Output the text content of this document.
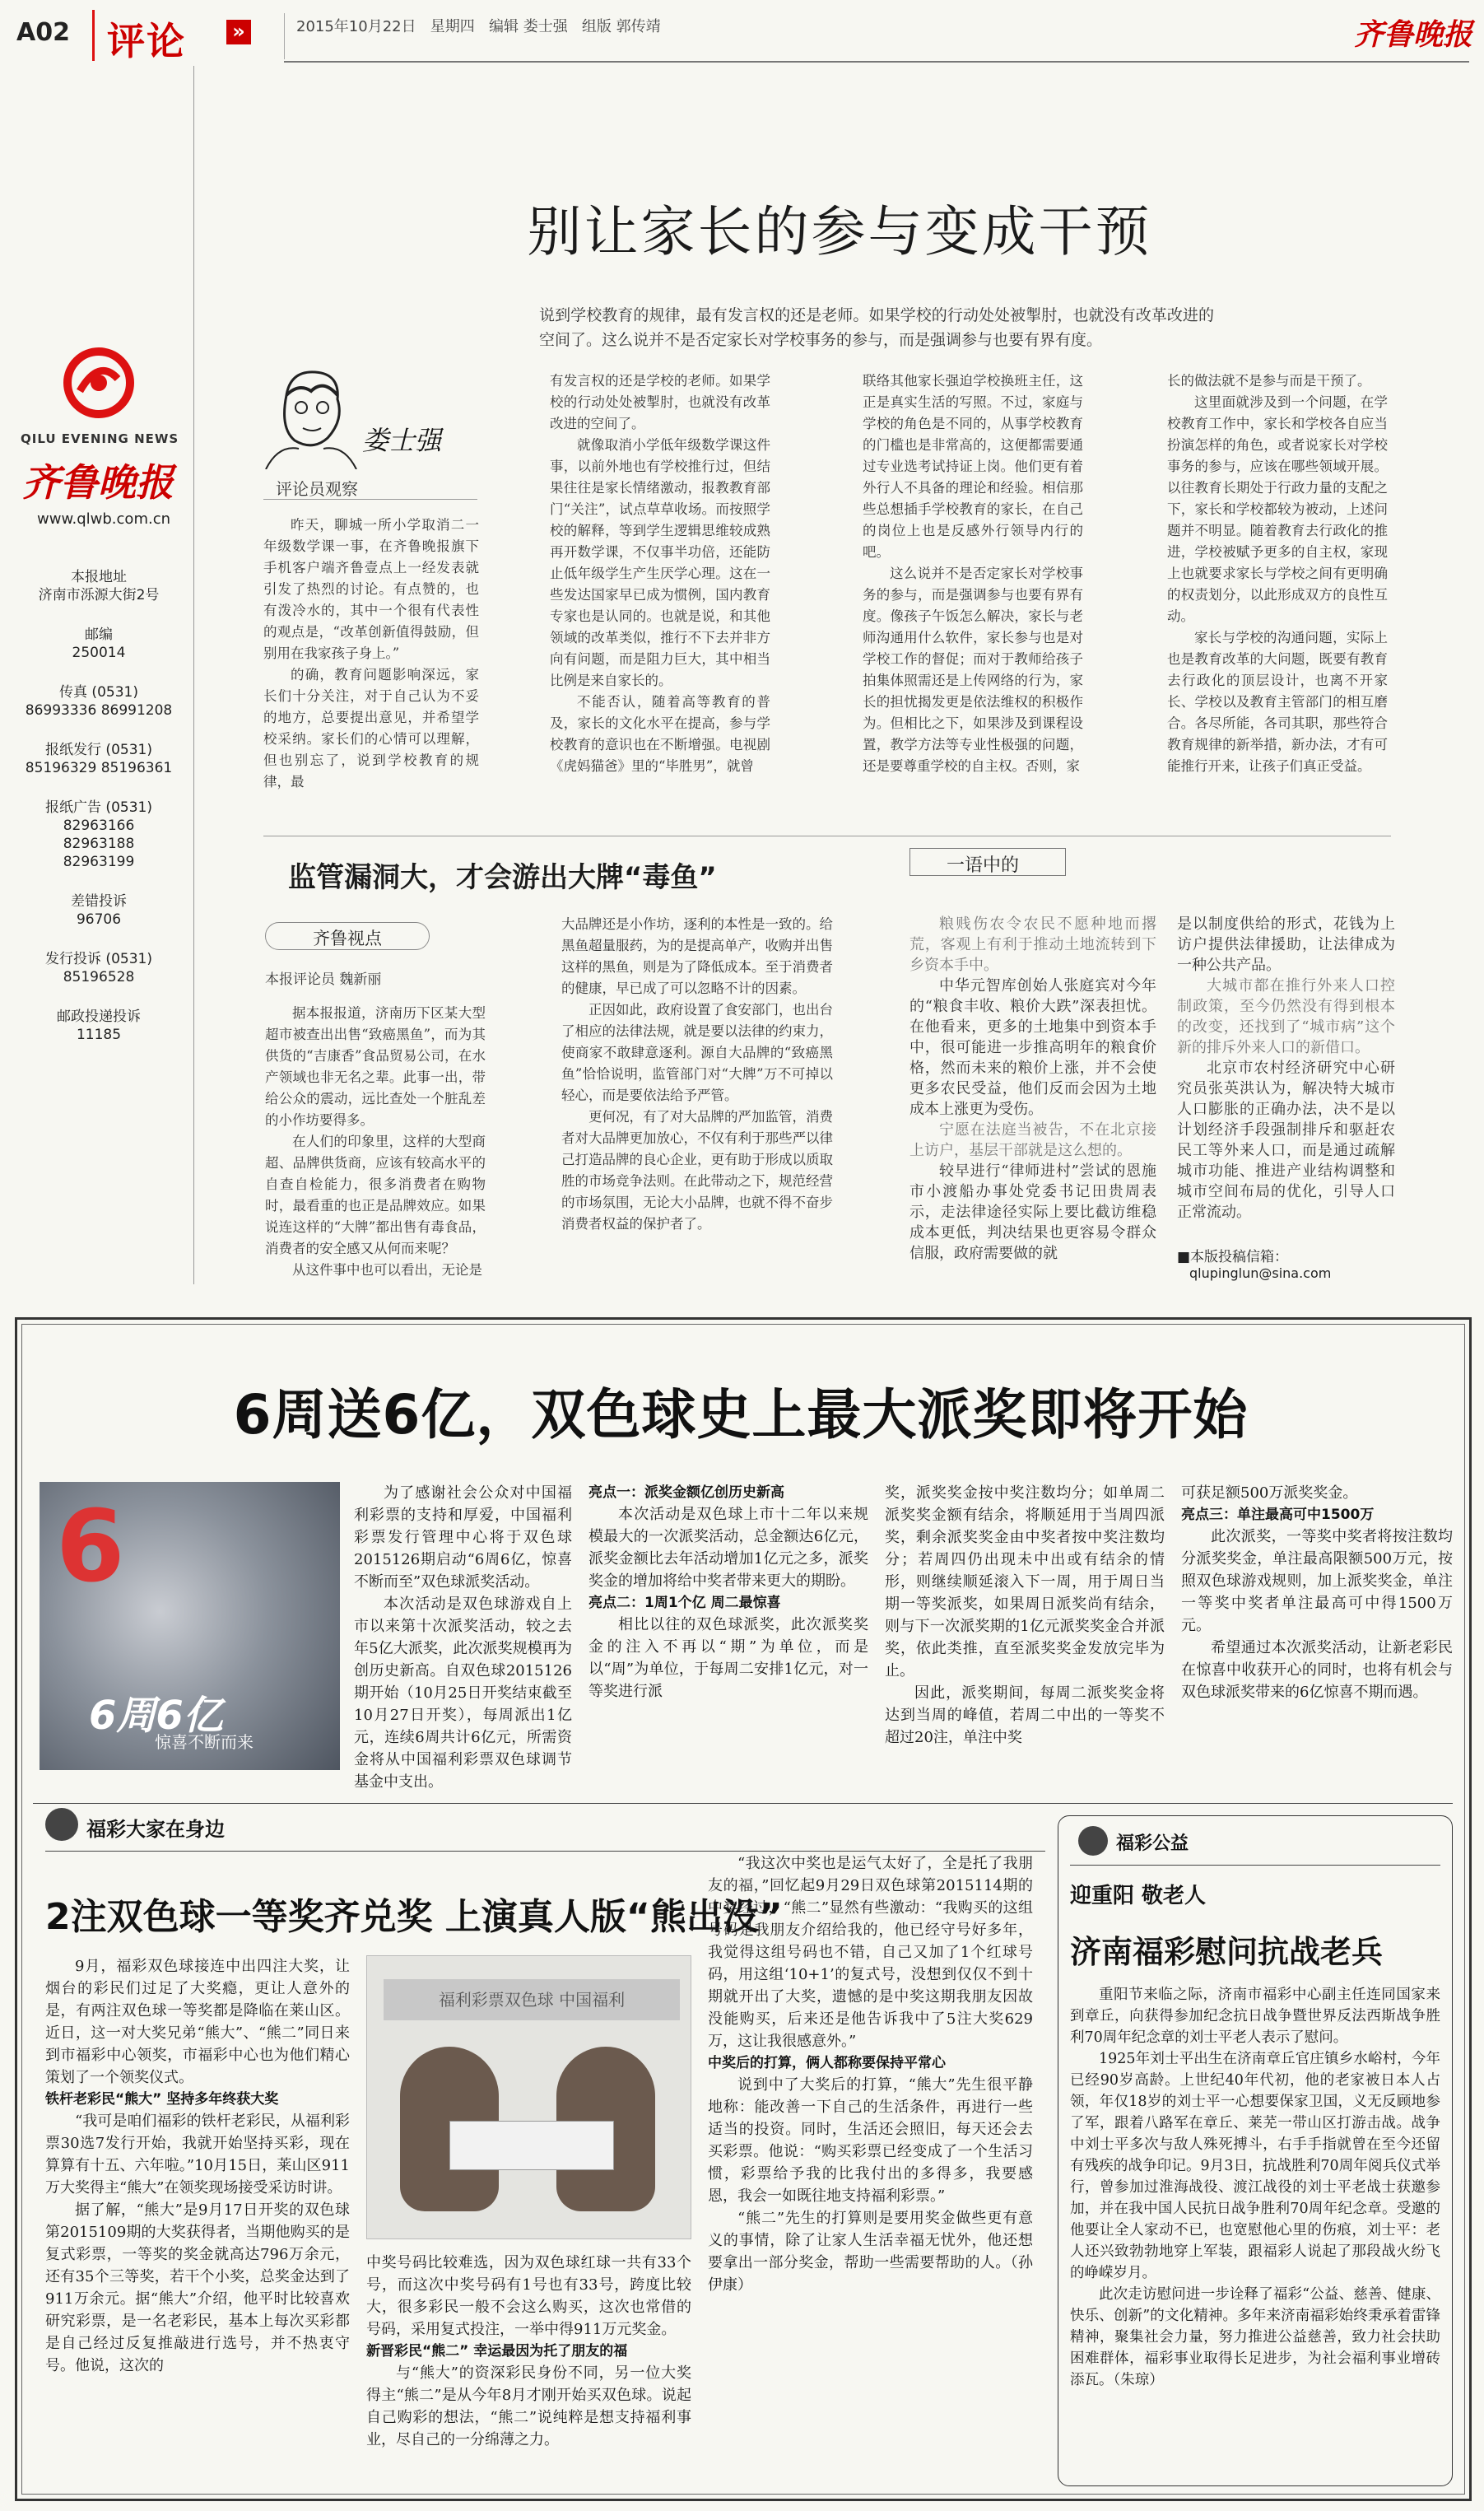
A02 评论	»	2015年10月22日 星期四 编辑 娄士强 组版 郭传靖	齐鲁晚报
QILU EVENING NEWS
齐鲁晚报
www.qlwb.com.cn
本报地址
济南市泺源大街2号
邮编
250014
传真 (0531)
86993336 86991208
报纸发行 (0531)
85196329 85196361
报纸广告 (0531)
82963166 82963188 82963199
差错投诉
96706
发行投诉 (0531)
85196528
邮政投递投诉
11185
别让家长的参与变成干预
说到学校教育的规律，最有发言权的还是老师。如果学校的行动处处被掣肘，也就没有改革改进的空间了。这么说并不是否定家长对学校事务的参与，而是强调参与也要有界有度。
娄士强
评论员观察

昨天，聊城一所小学取消二一年级数学课一事，在齐鲁晚报旗下手机客户端齐鲁壹点上一经发表就引发了热烈的讨论。有点赞的，也有泼冷水的，其中一个很有代表性的观点是，“改革创新值得鼓励，但别用在我家孩子身上。”

的确，教育问题影响深远，家长们十分关注，对于自己认为不妥的地方，总要提出意见，并希望学校采纳。家长们的心情可以理解，但也别忘了，说到学校教育的规律，最

有发言权的还是学校的老师。如果学校的行动处处被掣肘，也就没有改革改进的空间了。

就像取消小学低年级数学课这件事，以前外地也有学校推行过，但结果往往是家长情绪激动，报教教育部门“关注”，试点草草收场。而按照学校的解释，等到学生逻辑思维较成熟再开数学课，不仅事半功倍，还能防止低年级学生产生厌学心理。这在一些发达国家早已成为惯例，国内教育专家也是认同的。也就是说，和其他领域的改革类似，推行不下去并非方向有问题，而是阻力巨大，其中相当比例是来自家长的。

不能否认，随着高等教育的普及，家长的文化水平在提高，参与学校教育的意识也在不断增强。电视剧《虎妈猫爸》里的“毕胜男”，就曾

联络其他家长强迫学校换班主任，这正是真实生活的写照。不过，家庭与学校的角色是不同的，从事学校教育的门槛也是非常高的，这便都需要通过专业选考试持证上岗。他们更有着外行人不具备的理论和经验。相信那些总想插手学校教育的家长，在自己的岗位上也是反感外行领导内行的吧。

这么说并不是否定家长对学校事务的参与，而是强调参与也要有界有度。像孩子午饭怎么解决，家长与老师沟通用什么软件，家长参与也是对学校工作的督促；而对于教师给孩子拍集体照需还是上传网络的行为，家长的担忧揭发更是依法维权的积极作为。但相比之下，如果涉及到课程设置，教学方法等专业性极强的问题，还是要尊重学校的自主权。否则，家

长的做法就不是参与而是干预了。

这里面就涉及到一个问题，在学校教育工作中，家长和学校各自应当扮演怎样的角色，或者说家长对学校事务的参与，应该在哪些领域开展。以往教育长期处于行政力量的支配之下，家长和学校都较为被动，上述问题并不明显。随着教育去行政化的推进，学校被赋予更多的自主权，家现上也就要求家长与学校之间有更明确的权责划分，以此形成双方的良性互动。

家长与学校的沟通问题，实际上也是教育改革的大问题，既要有教育去行政化的顶层设计，也离不开家长、学校以及教育主管部门的相互磨合。各尽所能，各司其职，那些符合教育规律的新举措，新办法，才有可能推行开来，让孩子们真正受益。

监管漏洞大，才会游出大牌“毒鱼”
齐鲁视点
本报评论员 魏新丽

据本报报道，济南历下区某大型超市被查出出售“致癌黑鱼”，而为其供货的“吉康香”食品贸易公司，在水产领域也非无名之辈。此事一出，带给公众的震动，远比查处一个脏乱差的小作坊要得多。

在人们的印象里，这样的大型商超、品牌供货商，应该有较高水平的自查自检能力，很多消费者在购物时，最看重的也正是品牌效应。如果说连这样的“大牌”都出售有毒食品，消费者的安全感又从何而来呢？

从这件事中也可以看出，无论是

大品牌还是小作坊，逐利的本性是一致的。给黑鱼超量服药，为的是提高单产，收购并出售这样的黑鱼，则是为了降低成本。至于消费者的健康，早已成了可以忽略不计的因素。

正因如此，政府设置了食安部门，也出台了相应的法律法规，就是要以法律的约束力，使商家不敢肆意逐利。源自大品牌的“致癌黑鱼”恰恰说明，监管部门对“大牌”万不可掉以轻心，而是要依法给予严管。

更何况，有了对大品牌的严加监管，消费者对大品牌更加放心，不仅有利于那些严以律己打造品牌的良心企业，更有助于形成以质取胜的市场竞争法则。在此带动之下，规范经营的市场氛围，无论大小品牌，也就不得不奋步消费者权益的保护者了。

一语中的

粮贱伤农令农民不愿种地而撂荒，客观上有利于推动土地流转到下乡资本手中。

中华元智库创始人张庭宾对今年的“粮食丰收、粮价大跌”深表担忧。在他看来，更多的土地集中到资本手中，很可能进一步推高明年的粮食价格，然而未来的粮价上涨，并不会使更多农民受益，他们反而会因为土地成本上涨更为受伤。

宁愿在法庭当被告，不在北京接上访户，基层干部就是这么想的。

较早进行“律师进村”尝试的恩施市小渡船办事处党委书记田贵周表示，走法律途径实际上要比截访维稳成本更低，判决结果也更容易令群众信服，政府需要做的就

是以制度供给的形式，花钱为上访户提供法律援助，让法律成为一种公共产品。

大城市都在推行外来人口控制政策，至今仍然没有得到根本的改变，还找到了“城市病”这个新的排斥外来人口的新借口。

北京市农村经济研究中心研究员张英洪认为，解决特大城市人口膨胀的正确办法，决不是以计划经济手段强制排斥和驱赶农民工等外来人口，而是通过疏解城市功能、推进产业结构调整和城市空间布局的优化，引导人口正常流动。

■本版投稿信箱：
qlupinglun@sina.com
6周送6亿，双色球史上最大派奖即将开始
6
6周6亿
惊喜不断而来

为了感谢社会公众对中国福利彩票的支持和厚爱，中国福利彩票发行管理中心将于双色球2015126期启动“6周6亿，惊喜不断而至”双色球派奖活动。

本次活动是双色球游戏自上市以来第十次派奖活动，较之去年5亿大派奖，此次派奖规模再为创历史新高。自双色球2015126期开始（10月25日开奖结束截至10月27日开奖），每周派出1亿元，连续6周共计6亿元，所需资金将从中国福利彩票双色球调节基金中支出。

亮点一：派奖金额亿创历史新高

本次活动是双色球上市十二年以来规模最大的一次派奖活动，总金额达6亿元，派奖金额比去年活动增加1亿元之多，派奖奖金的增加将给中奖者带来更大的期盼。

亮点二：1周1个亿 周二最惊喜

相比以往的双色球派奖，此次派奖奖金的注入不再以“期”为单位，而是以“周”为单位，于每周二安排1亿元，对一等奖进行派

奖，派奖奖金按中奖注数均分；如单周二派奖奖金额有结余，将顺延用于当周四派奖，剩余派奖奖金由中奖者按中奖注数均分；若周四仍出现未中出或有结余的情形，则继续顺延滚入下一周，用于周日当期一等奖派奖，如果周日派奖尚有结余，则与下一次派奖期的1亿元派奖奖金合并派奖，依此类推，直至派奖奖金发放完毕为止。

因此，派奖期间，每周二派奖奖金将达到当周的峰值，若周二中出的一等奖不超过20注，单注中奖

可获足额500万派奖奖金。

亮点三：单注最高可中1500万

此次派奖，一等奖中奖者将按注数均分派奖奖金，单注最高限额500万元，按照双色球游戏规则，加上派奖奖金，单注一等奖中奖者单注最高可中得1500万元。

希望通过本次派奖活动，让新老彩民在惊喜中收获开心的同时，也将有机会与双色球派奖带来的6亿惊喜不期而遇。

福彩大家在身边
2注双色球一等奖齐兑奖 上演真人版“熊出没”

9月，福彩双色球接连中出四注大奖，让烟台的彩民们过足了大奖瘾，更让人意外的是，有两注双色球一等奖都是降临在莱山区。近日，这一对大奖兄弟“熊大”、“熊二”同日来到市福彩中心领奖，市福彩中心也为他们精心策划了一个领奖仪式。

铁杆老彩民“熊大” 坚持多年终获大奖

“我可是咱们福彩的铁杆老彩民，从福利彩票30选7发行开始，我就开始坚持买彩，现在算算有十五、六年啦。”10月15日，莱山区911万大奖得主“熊大”在领奖现场接受采访时讲。

据了解，“熊大”是9月17日开奖的双色球第2015109期的大奖获得者，当期他购买的是复式彩票，一等奖的奖金就高达796万余元，还有35个三等奖，若干个小奖，总奖金达到了911万余元。据“熊大”介绍，他平时比较喜欢研究彩票，是一名老彩民，基本上每次买彩都是自己经过反复推敲进行选号，并不热衷守号。他说，这次的

福利彩票双色球 中国福利

中奖号码比较难选，因为双色球红球一共有33个号，而这次中奖号码有1号也有33号，跨度比较大，很多彩民一般不会这么购买，这次也常借的号码，采用复式投注，一举中得911万元奖金。

新晋彩民“熊二” 幸运最因为托了朋友的福

与“熊大”的资深彩民身份不同，另一位大奖得主“熊二”是从今年8月才刚开始买双色球。说起自己购彩的想法，“熊二”说纯粹是想支持福利事业，尽自己的一分绵薄之力。

“我这次中奖也是运气太好了，全是托了我朋友的福，”回忆起9月29日双色球第2015114期的中奖经过，“熊二”显然有些激动：“我购买的这组号码是我朋友介绍给我的，他已经守号好多年，我觉得这组号码也不错，自己又加了1个红球号码，用这组‘10+1’的复式号，没想到仅仅不到十期就开出了大奖，遗憾的是中奖这期我朋友因故没能购买，后来还是他告诉我中了5注大奖629万，这让我很感意外。”

中奖后的打算，俩人都称要保持平常心

说到中了大奖后的打算，“熊大”先生很平静地称：能改善一下自己的生活条件，再进行一些适当的投资。同时，生活还会照旧，每天还会去买彩票。他说：“购买彩票已经变成了一个生活习惯，彩票给予我的比我付出的多得多，我要感恩，我会一如既往地支持福利彩票。”

“熊二”先生的打算则是要用奖金做些更有意义的事情，除了让家人生活幸福无忧外，他还想要拿出一部分奖金，帮助一些需要帮助的人。（孙伊康）

福彩公益
迎重阳 敬老人
济南福彩慰问抗战老兵

重阳节来临之际，济南市福彩中心副主任连同国家来到章丘，向获得参加纪念抗日战争暨世界反法西斯战争胜利70周年纪念章的刘士平老人表示了慰问。

1925年刘士平出生在济南章丘官庄镇乡水峪村，今年已经90岁高龄。上世纪40年代初，他的老家被日本人占领，年仅18岁的刘士平一心想要保家卫国，义无反顾地参了军，跟着八路军在章丘、莱芜一带山区打游击战。战争中刘士平多次与敌人殊死搏斗，右手手指就曾在至今还留有残疾的战争印记。9月3日，抗战胜利70周年阅兵仪式举行，曾参加过淮海战役、渡江战役的刘士平老战士获邀参加，并在我中国人民抗日战争胜利70周年纪念章。受邀的他要让全人家动不已，也宽慰他心里的伤痕，刘士平：老人还兴致勃勃地穿上军装，跟福彩人说起了那段战火纷飞的峥嵘岁月。

此次走访慰问进一步诠释了福彩“公益、慈善、健康、快乐、创新”的文化精神。多年来济南福彩始终秉承着雷锋精神，聚集社会力量，努力推进公益慈善，致力社会扶助困难群体，福彩事业取得长足进步，为社会福利事业增砖添瓦。（朱琼）
